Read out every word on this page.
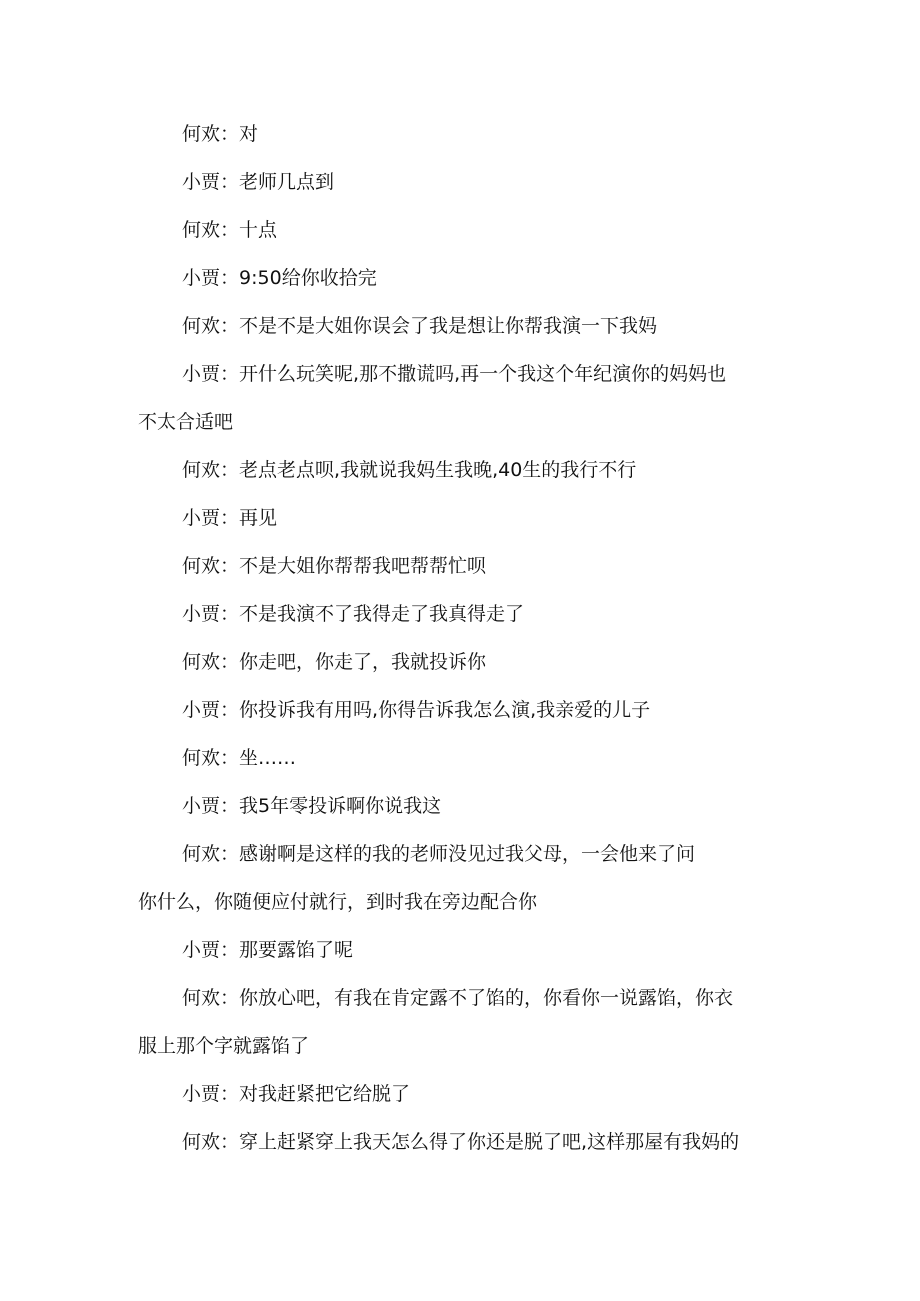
何欢：对

小贾：老师几点到

何欢：十点

小贾：9:50给你收拾完

何欢：不是不是大姐你误会了我是想让你帮我演一下我妈

小贾：开什么玩笑呢,那不撒谎吗,再一个我这个年纪演你的妈妈也
不太合适吧

何欢：老点老点呗,我就说我妈生我晚,40生的我行不行

小贾：再见

何欢：不是大姐你帮帮我吧帮帮忙呗

小贾：不是我演不了我得走了我真得走了

何欢：你走吧，你走了，我就投诉你

小贾：你投诉我有用吗,你得告诉我怎么演,我亲爱的儿子

何欢：坐……

小贾：我5年零投诉啊你说我这

何欢：感谢啊是这样的我的老师没见过我父母，一会他来了问
你什么，你随便应付就行，到时我在旁边配合你

小贾：那要露馅了呢

何欢：你放心吧，有我在肯定露不了馅的，你看你一说露馅，你衣
服上那个字就露馅了

小贾：对我赶紧把它给脱了

何欢：穿上赶紧穿上我天怎么得了你还是脱了吧,这样那屋有我妈的
